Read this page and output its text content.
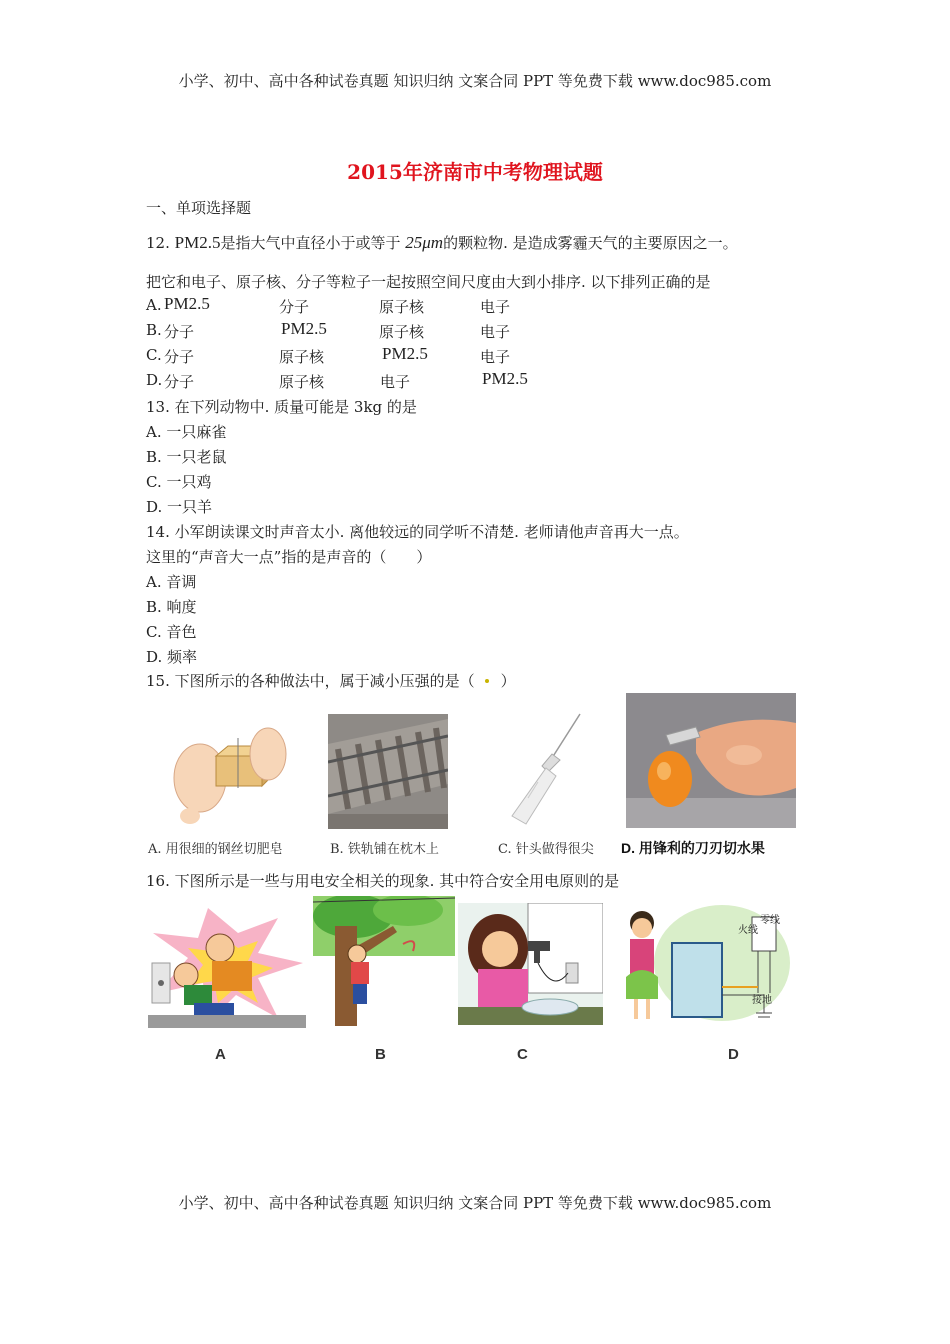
小学、初中、高中各种试卷真题 知识归纳 文案合同 PPT 等免费下载 www.doc985.com
2015年济南市中考物理试题
一、单项选择题
12. PM2.5是指大气中直径小于或等于 25μm的颗粒物. 是造成雾霾天气的主要原因之一。
把它和电子、原子核、分子等粒子一起按照空间尺度由大到小排序. 以下排列正确的是
A. PM2.5	分子	原子核	电子
B. 分子	PM2.5	原子核	电子
C. 分子	原子核	PM2.5	电子
D. 分子	原子核	电子	PM2.5
13. 在下列动物中. 质量可能是 3kg 的是
A. 一只麻雀
B. 一只老鼠
C. 一只鸡
D. 一只羊
14. 小军朗读课文时声音太小. 离他较远的同学听不清楚. 老师请他声音再大一点。
这里的“声音大一点”指的是声音的（　　）
A. 音调
B. 响度
C. 音色
D. 频率
15. 下图所示的各种做法中，属于减小压强的是（ ）
A. 用很细的钢丝切肥皂	B. 铁轨铺在枕木上	C. 针头做得很尖 D. 用锋利的刀刃切水果
16. 下图所示是一些与用电安全相关的现象. 其中符合安全用电原则的是
A	B	C
火线
零线
接地
D
小学、初中、高中各种试卷真题 知识归纳 文案合同 PPT 等免费下载 www.doc985.com
